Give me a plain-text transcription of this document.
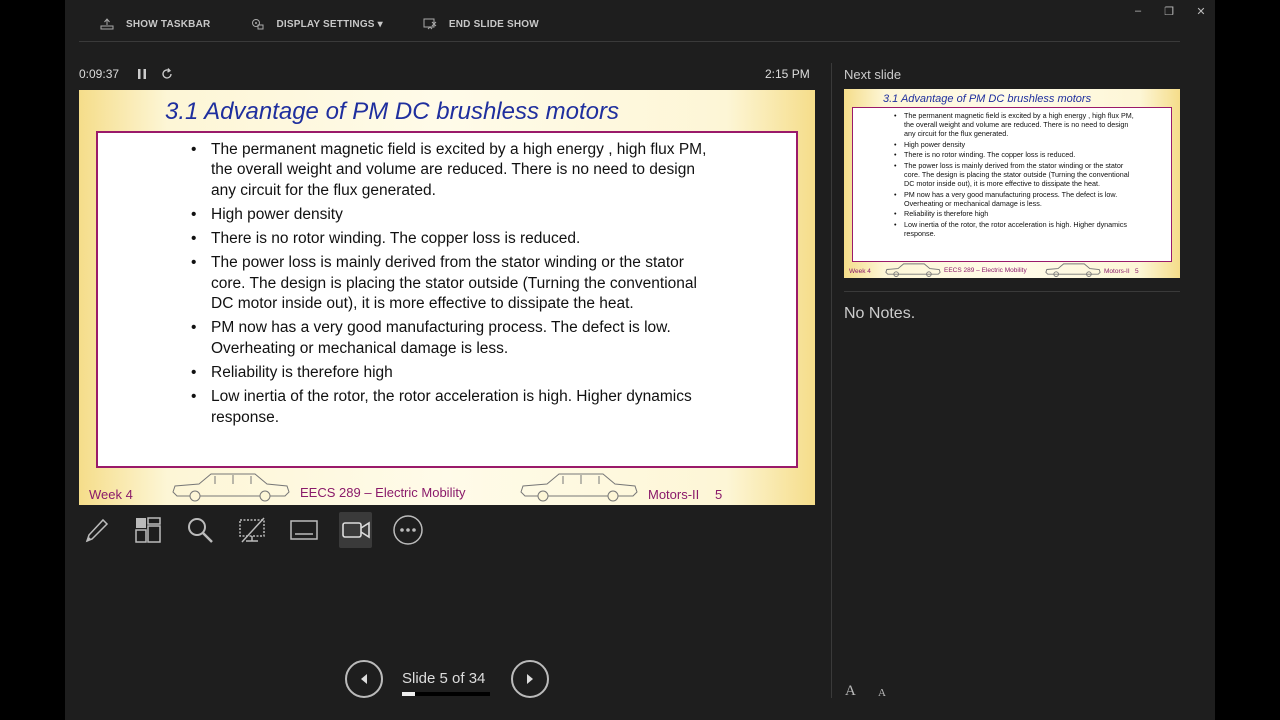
SHOW TASKBAR	DISPLAY SETTINGS ▾	END SLIDE SHOW
–	❐	✕
0:09:37	2:15 PM
3.1 Advantage of PM DC brushless motors
• The permanent magnetic field is excited by a high energy , high flux PM, the overall weight and volume are reduced. There is no need to design any circuit for the flux generated.
• High power density
• There is no rotor winding. The copper loss is reduced.
• The power loss is mainly derived from the stator winding or the stator core. The design is placing the stator outside (Turning the conventional DC motor inside out), it is more effective to dissipate the heat.
• PM now has a very good manufacturing process. The defect is low. Overheating or mechanical damage is less.
• Reliability is therefore high
• Low inertia of the rotor, the rotor acceleration is high. Higher dynamics response.
Week 4	EECS 289 – Electric Mobility	Motors-II 5
Slide 5 of 34
Next slide
3.1 Advantage of PM DC brushless motors
• The permanent magnetic field is excited by a high energy , high flux PM, the overall weight and volume are reduced. There is no need to design any circuit for the flux generated.
• High power density
• There is no rotor winding. The copper loss is reduced.
• The power loss is mainly derived from the stator winding or the stator core. The design is placing the stator outside (Turning the conventional DC motor inside out), it is more effective to dissipate the heat.
• PM now has a very good manufacturing process. The defect is low. Overheating or mechanical damage is less.
• Reliability is therefore high
• Low inertia of the rotor, the rotor acceleration is high. Higher dynamics response.
Week 4	EECS 289 – Electric Mobility	Motors-II 5
No Notes.
A A
